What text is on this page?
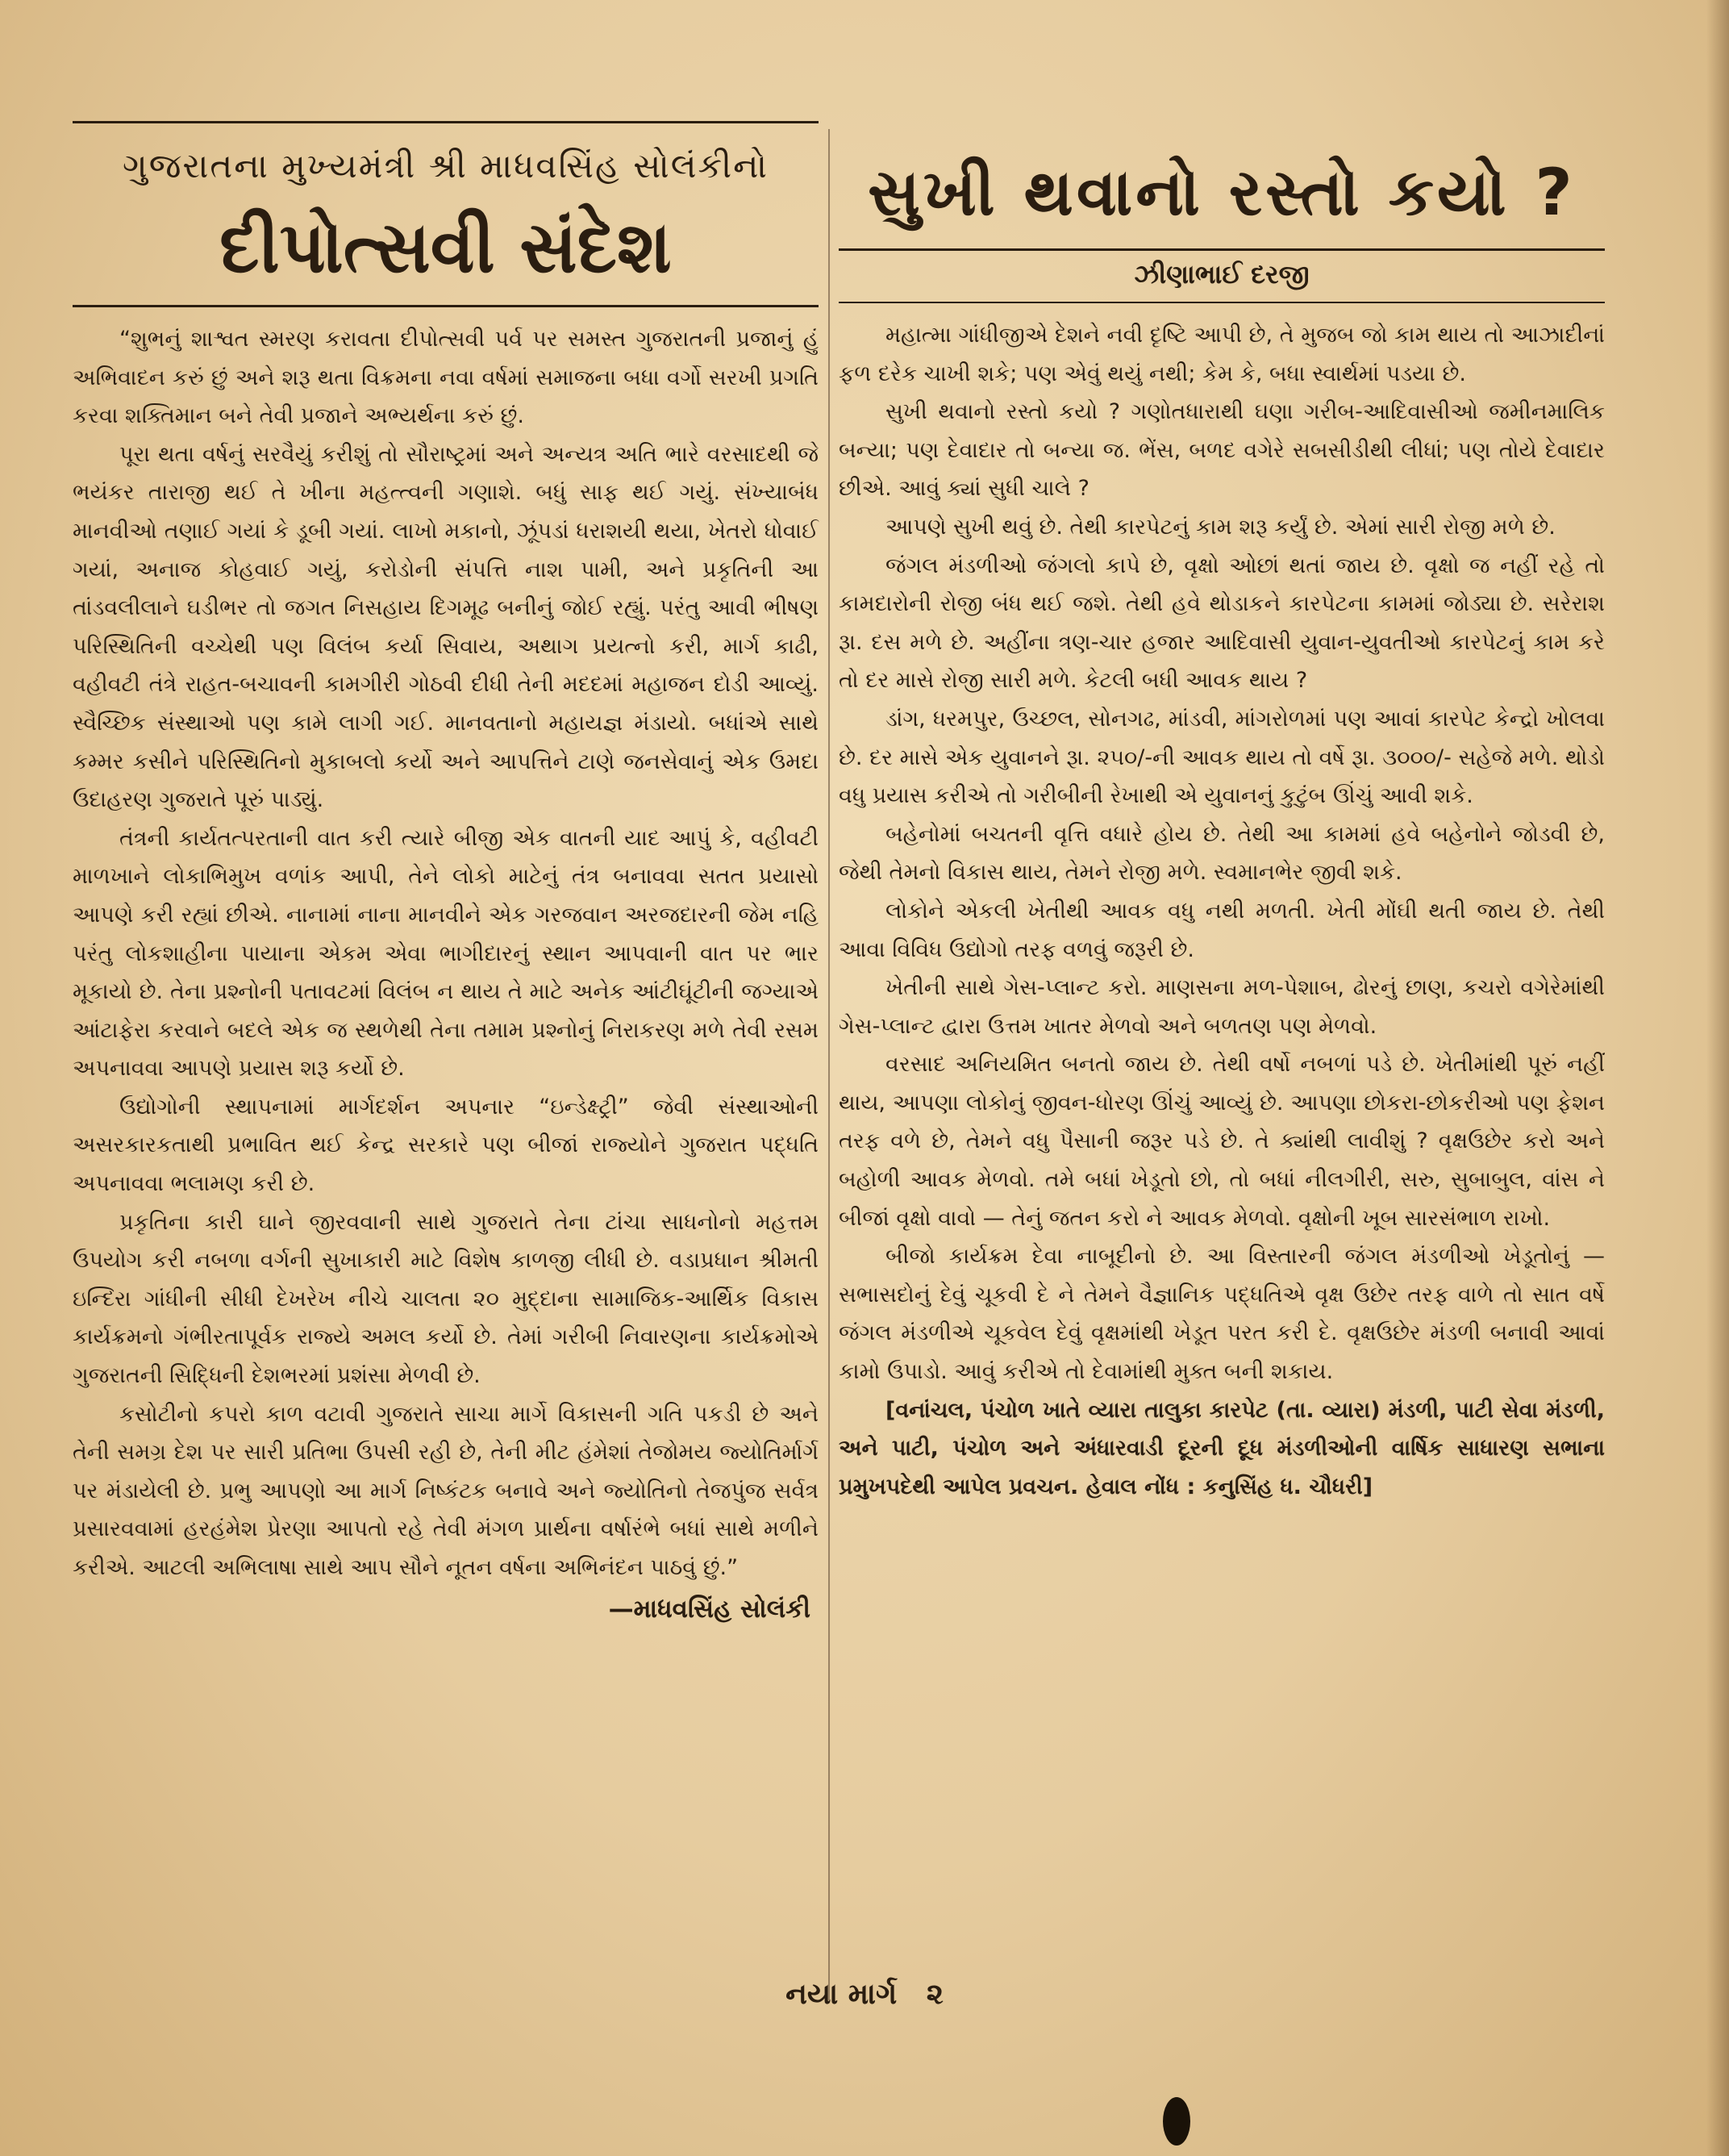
ગુજરાતના મુખ્યમંત્રી શ્રી માધવસિંહ સોલંકીનો
દીપોત્સવી સંદેશ

“શુભનું શાશ્વત સ્મરણ કરાવતા દીપોત્સવી પર્વ પર સમસ્ત ગુજરાતની પ્રજાનું હું અભિવાદન કરું છું અને શરૂ થતા વિક્રમના નવા વર્ષમાં સમાજના બધા વર્ગો સરખી પ્રગતિ કરવા શક્તિમાન બને તેવી પ્રજાને અભ્યર્થના કરું છું.

પૂરા થતા વર્ષનું સરવૈયું કરીશું તો સૌરાષ્ટ્રમાં અને અન્યત્ર અતિ ભારે વરસાદથી જે ભયંકર તારાજી થઈ તે ખીના મહત્ત્વની ગણાશે. બધું સાફ થઈ ગયું. સંખ્યાબંધ માનવીઓ તણાઈ ગયાં કે ડૂબી ગયાં. લાખો મકાનો, ઝૂંપડાં ધરાશયી થયા, ખેતરો ધોવાઈ ગયાં, અનાજ કોહવાઈ ગયું, કરોડોની સંપત્તિ નાશ પામી, અને પ્રકૃતિની આ તાંડવલીલાને ઘડીભર તો જગત નિસહાય દિગમૂઢ બનીનું જોઈ રહ્યું. પરંતુ આવી ભીષણ પરિસ્થિતિની વચ્ચેથી પણ વિલંબ કર્યા સિવાય, અથાગ પ્રયત્નો કરી, માર્ગ કાઢી, વહીવટી તંત્રે રાહત-બચાવની કામગીરી ગોઠવી દીધી તેની મદદમાં મહાજન દોડી આવ્યું. સ્વૈચ્છિક સંસ્થાઓ પણ કામે લાગી ગઈ. માનવતાનો મહાયજ્ઞ મંડાયો. બધાંએ સાથે કમ્મર કસીને પરિસ્થિતિનો મુકાબલો કર્યો અને આપત્તિને ટાણે જનસેવાનું એક ઉમદા ઉદાહરણ ગુજરાતે પૂરું પાડ્યું.

તંત્રની કાર્યતત્પરતાની વાત કરી ત્યારે બીજી એક વાતની યાદ આપું કે, વહીવટી માળખાને લોકાભિમુખ વળાંક આપી, તેને લોકો માટેનું તંત્ર બનાવવા સતત પ્રયાસો આપણે કરી રહ્યાં છીએ. નાનામાં નાના માનવીને એક ગરજવાન અરજદારની જેમ નહિ પરંતુ લોકશાહીના પાયાના એકમ એવા ભાગીદારનું સ્થાન આપવાની વાત પર ભાર મૂકાયો છે. તેના પ્રશ્નોની પતાવટમાં વિલંબ ન થાય તે માટે અનેક આંટીઘૂંટીની જગ્યાએ આંટાફેરા કરવાને બદલે એક જ સ્થળેથી તેના તમામ પ્રશ્નોનું નિરાકરણ મળે તેવી રસમ અપનાવવા આપણે પ્રયાસ શરૂ કર્યો છે.

ઉદ્યોગોની સ્થાપનામાં માર્ગદર્શન અપનાર “ઇન્ડેક્ષ્ટ્રી” જેવી સંસ્થાઓની અસરકારકતાથી પ્રભાવિત થઈ કેન્દ્ર સરકારે પણ બીજાં રાજ્યોને ગુજરાત પદ્ધતિ અપનાવવા ભલામણ કરી છે.

પ્રકૃતિના કારી ઘાને જીરવવાની સાથે ગુજરાતે તેના ટાંચા સાધનોનો મહત્તમ ઉપયોગ કરી નબળા વર્ગની સુખાકારી માટે વિશેષ કાળજી લીધી છે. વડાપ્રધાન શ્રીમતી ઇન્દિરા ગાંધીની સીધી દેખરેખ નીચે ચાલતા ૨૦ મુદ્દાના સામાજિક-આર્થિક વિકાસ કાર્યક્રમનો ગંભીરતાપૂર્વક રાજ્યે અમલ કર્યો છે. તેમાં ગરીબી નિવારણના કાર્યક્રમોએ ગુજરાતની સિદ્ધિની દેશભરમાં પ્રશંસા મેળવી છે.

કસોટીનો કપરો કાળ વટાવી ગુજરાતે સાચા માર્ગે વિકાસની ગતિ પકડી છે અને તેની સમગ્ર દેશ પર સારી પ્રતિભા ઉપસી રહી છે, તેની મીટ હંમેશાં તેજોમય જ્યોતિર્માર્ગ પર મંડાયેલી છે. પ્રભુ આપણો આ માર્ગ નિષ્કંટક બનાવે અને જ્યોતિનો તેજપુંજ સર્વત્ર પ્રસારવવામાં હરહંમેશ પ્રેરણા આપતો રહે તેવી મંગળ પ્રાર્થના વર્ષારંભે બધાં સાથે મળીને કરીએ. આટલી અભિલાષા સાથે આપ સૌને નૂતન વર્ષના અભિનંદન પાઠવું છું.”

—માધવસિંહ સોલંકી
સુખી થવાનો રસ્તો કયો ?
ઝીણાભાઈ દરજી

મહાત્મા ગાંધીજીએ દેશને નવી દૃષ્ટિ આપી છે, તે મુજબ જો કામ થાય તો આઝાદીનાં ફળ દરેક ચાખી શકે; પણ એવું થયું નથી; કેમ કે, બધા સ્વાર્થમાં પડયા છે.

સુખી થવાનો રસ્તો કયો ? ગણોતધારાથી ઘણા ગરીબ-આદિવાસીઓ જમીનમાલિક બન્યા; પણ દેવાદાર તો બન્યા જ. ભેંસ, બળદ વગેરે સબસીડીથી લીધાં; પણ તોયે દેવાદાર છીએ. આવું ક્યાં સુધી ચાલે ?

આપણે સુખી થવું છે. તેથી કારપેટનું કામ શરૂ કર્યું છે. એમાં સારી રોજી મળે છે.

જંગલ મંડળીઓ જંગલો કાપે છે, વૃક્ષો ઓછાં થતાં જાય છે. વૃક્ષો જ નહીં રહે તો કામદારોની રોજી બંધ થઈ જશે. તેથી હવે થોડાકને કારપેટના કામમાં જોડ્યા છે. સરેરાશ રૂા. દસ મળે છે. અહીંના ત્રણ-ચાર હજાર આદિવાસી યુવાન-યુવતીઓ કારપેટનું કામ કરે તો દર માસે રોજી સારી મળે. કેટલી બધી આવક થાય ?

ડાંગ, ધરમપુર, ઉચ્છલ, સોનગઢ, માંડવી, માંગરોળમાં પણ આવાં કારપેટ કેન્દ્રો ખોલવા છે. દર માસે એક યુવાનને રૂા. ૨૫૦/-ની આવક થાય તો વર્ષે રૂા. ૩૦૦૦/- સહેજે મળે. થોડો વધુ પ્રયાસ કરીએ તો ગરીબીની રેખાથી એ યુવાનનું કુટુંબ ઊંચું આવી શકે.

બહેનોમાં બચતની વૃત્તિ વધારે હોય છે. તેથી આ કામમાં હવે બહેનોને જોડવી છે, જેથી તેમનો વિકાસ થાય, તેમને રોજી મળે. સ્વમાનભેર જીવી શકે.

લોકોને એકલી ખેતીથી આવક વધુ નથી મળતી. ખેતી મોંઘી થતી જાય છે. તેથી આવા વિવિધ ઉદ્યોગો તરફ વળવું જરૂરી છે.

ખેતીની સાથે ગેસ-પ્લાન્ટ કરો. માણસના મળ-પેશાબ, ઢોરનું છાણ, કચરો વગેરેમાંથી ગેસ-પ્લાન્ટ દ્વારા ઉત્તમ ખાતર મેળવો અને બળતણ પણ મેળવો.

વરસાદ અનિયમિત બનતો જાય છે. તેથી વર્ષો નબળાં પડે છે. ખેતીમાંથી પૂરું નહીં થાય, આપણા લોકોનું જીવન-ધોરણ ઊંચું આવ્યું છે. આપણા છોકરા-છોકરીઓ પણ ફેશન તરફ વળે છે, તેમને વધુ પૈસાની જરૂર પડે છે. તે ક્યાંથી લાવીશું ? વૃક્ષઉછેર કરો અને બહોળી આવક મેળવો. તમે બધાં ખેડૂતો છો, તો બધાં નીલગીરી, સરુ, સુબાબુલ, વાંસ ને બીજાં વૃક્ષો વાવો — તેનું જતન કરો ને આવક મેળવો. વૃક્ષોની ખૂબ સારસંભાળ રાખો.

બીજો કાર્યક્રમ દેવા નાબૂદીનો છે. આ વિસ્તારની જંગલ મંડળીઓ ખેડૂતોનું —સભાસદોનું દેવું ચૂકવી દે ને તેમને વૈજ્ઞાનિક પદ્ધતિએ વૃક્ષ ઉછેર તરફ વાળે તો સાત વર્ષે જંગલ મંડળીએ ચૂકવેલ દેવું વૃક્ષમાંથી ખેડૂત પરત કરી દે. વૃક્ષઉછેર મંડળી બનાવી આવાં કામો ઉપાડો. આવું કરીએ તો દેવામાંથી મુક્ત બની શકાય.

[વનાંચલ, પંચોળ ખાતે વ્યારા તાલુકા કારપેટ (તા. વ્યારા) મંડળી, પાટી સેવા મંડળી, અને પાટી, પંચોળ અને અંધારવાડી દૂરની દૂધ મંડળીઓની વાર્ષિક સાધારણ સભાના પ્રમુખપદેથી આપેલ પ્રવચન. હેવાલ નોંધ : કનુસિંહ ધ. ચૌધરી]

નયા માર્ગ ૨
